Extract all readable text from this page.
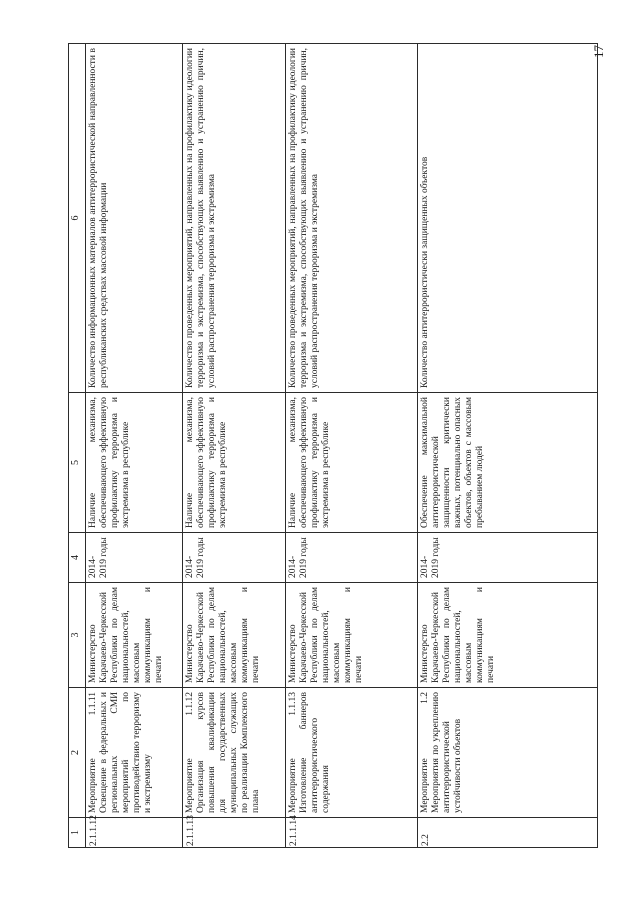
17
1	2	3	4	5	6
2.1.1.12	Мероприятие 1.1.11 Освещение в федеральных и региональных СМИ мероприятий по противодействию терроризму и экстремизму	Министерство Карачаево-Черкесской Республики по делам национальностей, массовым коммуникациям и печати	2014-2019 годы	Наличие механизма, обеспечивающего эффективную профилактику терроризма и экстремизма в республике	Количество информационных материалов антитеррористической направленности в республиканских средствах массовой информации
2.1.1.13	Мероприятие 1.1.12 Организация курсов повышения квалификации для государственных муниципальных служащих по реализации Комплексного плана	Министерство Карачаево-Черкесской Республики по делам национальностей, массовым коммуникациям и печати	2014-2019 годы	Наличие механизма, обеспечивающего эффективную профилактику терроризма и экстремизма в республике	Количество проведенных мероприятий, направленных на профилактику идеологии терроризма и экстремизма, способствующих выявлению и устранению причин, условий распространения терроризма и экстремизма
2.1.1.14	Мероприятие 1.1.13 Изготовление баннеров антитеррористического содержания	Министерство Карачаево-Черкесской Республики по делам национальностей, массовым коммуникациям и печати	2014-2019 годы	Наличие механизма, обеспечивающего эффективную профилактику терроризма и экстремизма в республике	Количество проведенных мероприятий, направленных на профилактику идеологии терроризма и экстремизма, способствующих выявлению и устранению причин, условий распространения терроризма и экстремизма
2.2	Мероприятие 1.2 Мероприятия по укреплению антитеррористической устойчивости объектов	Министерство Карачаево-Черкесской Республики по делам национальностей, массовым коммуникациям и печати	2014-2019 годы	Обеспечение максимальной антитеррористической защищенности критически важных, потенциально опасных объектов, объектов с массовым пребыванием людей	Количество антитеррористически защищенных объектов
